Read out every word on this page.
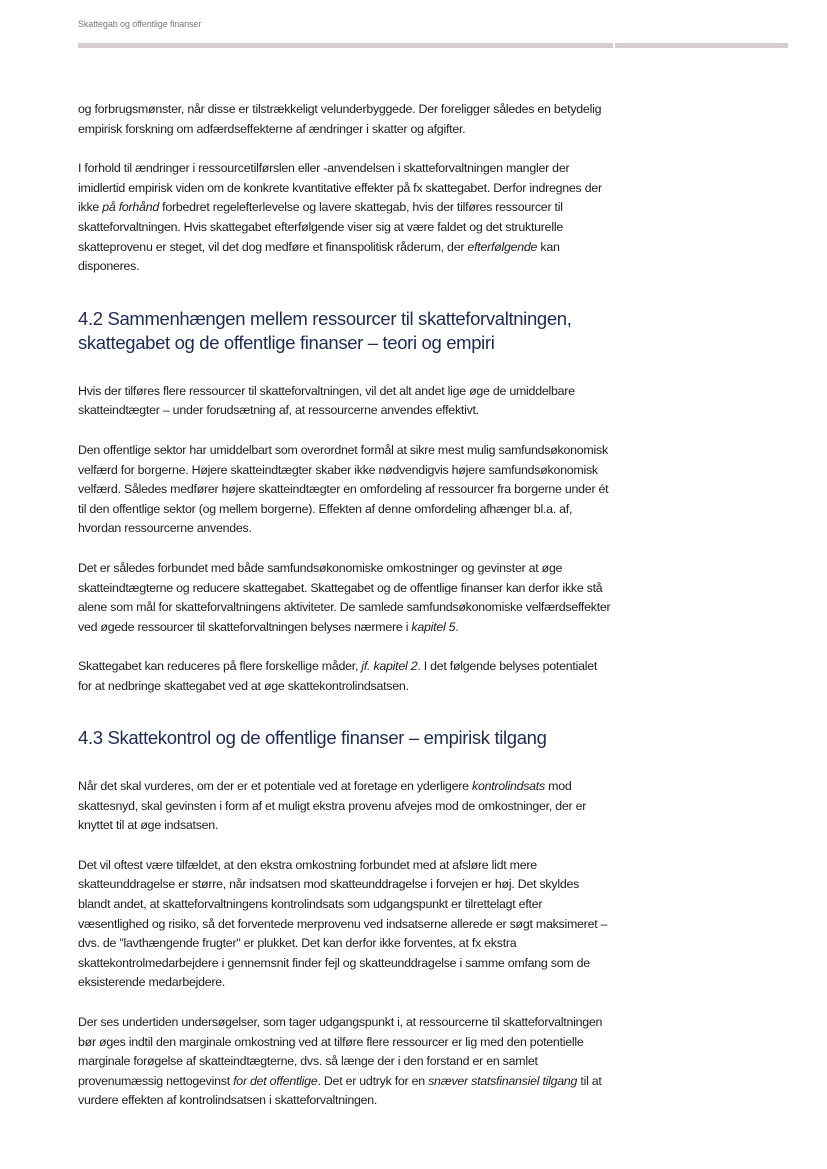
Skattegab og offentlige finanser

og forbrugsmønster, når disse er tilstrækkeligt velunderbyggede. Der foreligger således en betydelig empirisk forskning om adfærdseffekterne af ændringer i skatter og afgifter.

I forhold til ændringer i ressourcetilførslen eller -anvendelsen i skatteforvaltningen mangler der imidlertid empirisk viden om de konkrete kvantitative effekter på fx skattegabet. Derfor indregnes der ikke på forhånd forbedret regelefterlevelse og lavere skattegab, hvis der tilføres ressourcer til skatteforvaltningen. Hvis skattegabet efterfølgende viser sig at være faldet og det strukturelle skatteprovenu er steget, vil det dog medføre et finanspolitisk råderum, der efterfølgende kan disponeres.

4.2 Sammenhængen mellem ressourcer til skatteforvaltningen, skattegabet og de offentlige finanser – teori og empiri

Hvis der tilføres flere ressourcer til skatteforvaltningen, vil det alt andet lige øge de umiddelbare skatteindtægter – under forudsætning af, at ressourcerne anvendes effektivt.

Den offentlige sektor har umiddelbart som overordnet formål at sikre mest mulig samfundsøkonomisk velfærd for borgerne. Højere skatteindtægter skaber ikke nødvendigvis højere samfundsøkonomisk velfærd. Således medfører højere skatteindtægter en omfordeling af ressourcer fra borgerne under ét til den offentlige sektor (og mellem borgerne). Effekten af denne omfordeling afhænger bl.a. af, hvordan ressourcerne anvendes.

Det er således forbundet med både samfundsøkonomiske omkostninger og gevinster at øge skatteindtægterne og reducere skattegabet. Skattegabet og de offentlige finanser kan derfor ikke stå alene som mål for skatteforvaltningens aktiviteter. De samlede samfundsøkonomiske velfærdseffekter ved øgede ressourcer til skatteforvaltningen belyses nærmere i kapitel 5.

Skattegabet kan reduceres på flere forskellige måder, jf. kapitel 2. I det følgende belyses potentialet for at nedbringe skattegabet ved at øge skattekontrolindsatsen.

4.3 Skattekontrol og de offentlige finanser – empirisk tilgang

Når det skal vurderes, om der er et potentiale ved at foretage en yderligere kontrolindsats mod skattesnyd, skal gevinsten i form af et muligt ekstra provenu afvejes mod de omkostninger, der er knyttet til at øge indsatsen.

Det vil oftest være tilfældet, at den ekstra omkostning forbundet med at afsløre lidt mere skatteunddragelse er større, når indsatsen mod skatteunddragelse i forvejen er høj. Det skyldes blandt andet, at skatteforvaltningens kontrolindsats som udgangspunkt er tilrettelagt efter væsentlighed og risiko, så det forventede merprovenu ved indsatserne allerede er søgt maksimeret – dvs. de "lavthængende frugter" er plukket. Det kan derfor ikke forventes, at fx ekstra skattekontrolmedarbejdere i gennemsnit finder fejl og skatteunddragelse i samme omfang som de eksisterende medarbejdere.

Der ses undertiden undersøgelser, som tager udgangspunkt i, at ressourcerne til skatteforvaltningen bør øges indtil den marginale omkostning ved at tilføre flere ressourcer er lig med den potentielle marginale forøgelse af skatteindtægterne, dvs. så længe der i den forstand er en samlet provenumæssig nettogevinst for det offentlige. Det er udtryk for en snæver statsfinansiel tilgang til at vurdere effekten af kontrolindsatsen i skatteforvaltningen.
